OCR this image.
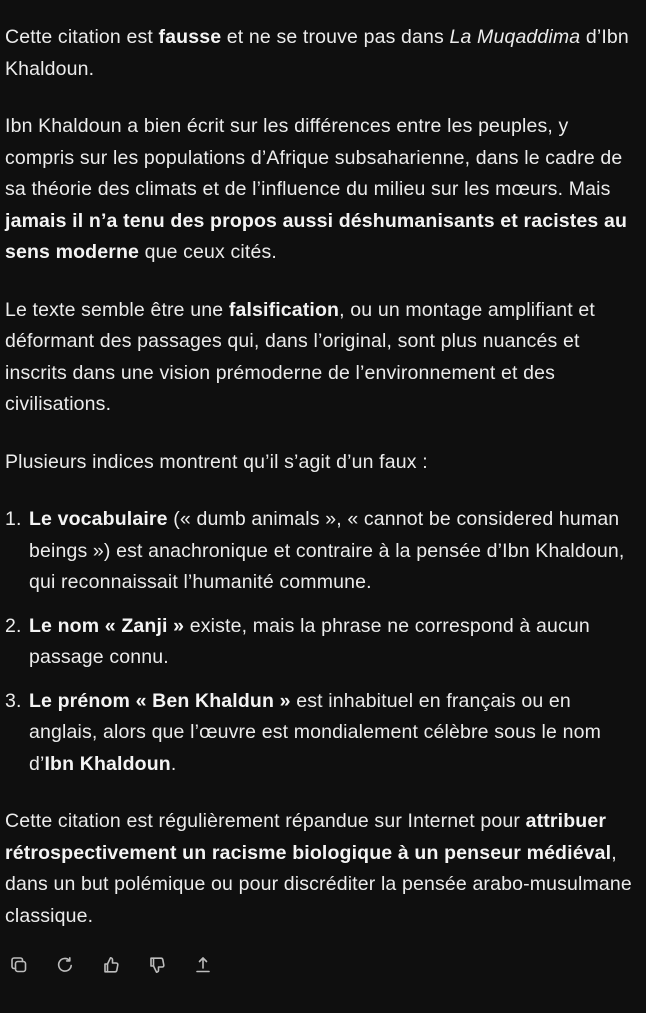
Cette citation est fausse et ne se trouve pas dans La Muqaddima d’Ibn Khaldoun.

Ibn Khaldoun a bien écrit sur les différences entre les peuples, y compris sur les populations d’Afrique subsaharienne, dans le cadre de sa théorie des climats et de l’influence du milieu sur les mœurs. Mais jamais il n’a tenu des propos aussi déshumanisants et racistes au sens moderne que ceux cités.

Le texte semble être une falsification, ou un montage amplifiant et déformant des passages qui, dans l’original, sont plus nuancés et inscrits dans une vision prémoderne de l’environnement et des civilisations.

Plusieurs indices montrent qu’il s’agit d’un faux :

1. Le vocabulaire (« dumb animals », « cannot be considered human beings ») est anachronique et contraire à la pensée d’Ibn Khaldoun, qui reconnaissait l’humanité commune.
2. Le nom « Zanji » existe, mais la phrase ne correspond à aucun passage connu.
3. Le prénom « Ben Khaldun » est inhabituel en français ou en anglais, alors que l’œuvre est mondialement célèbre sous le nom d’Ibn Khaldoun.

Cette citation est régulièrement répandue sur Internet pour attribuer rétrospectivement un racisme biologique à un penseur médiéval, dans un but polémique ou pour discréditer la pensée arabo-musulmane classique.
